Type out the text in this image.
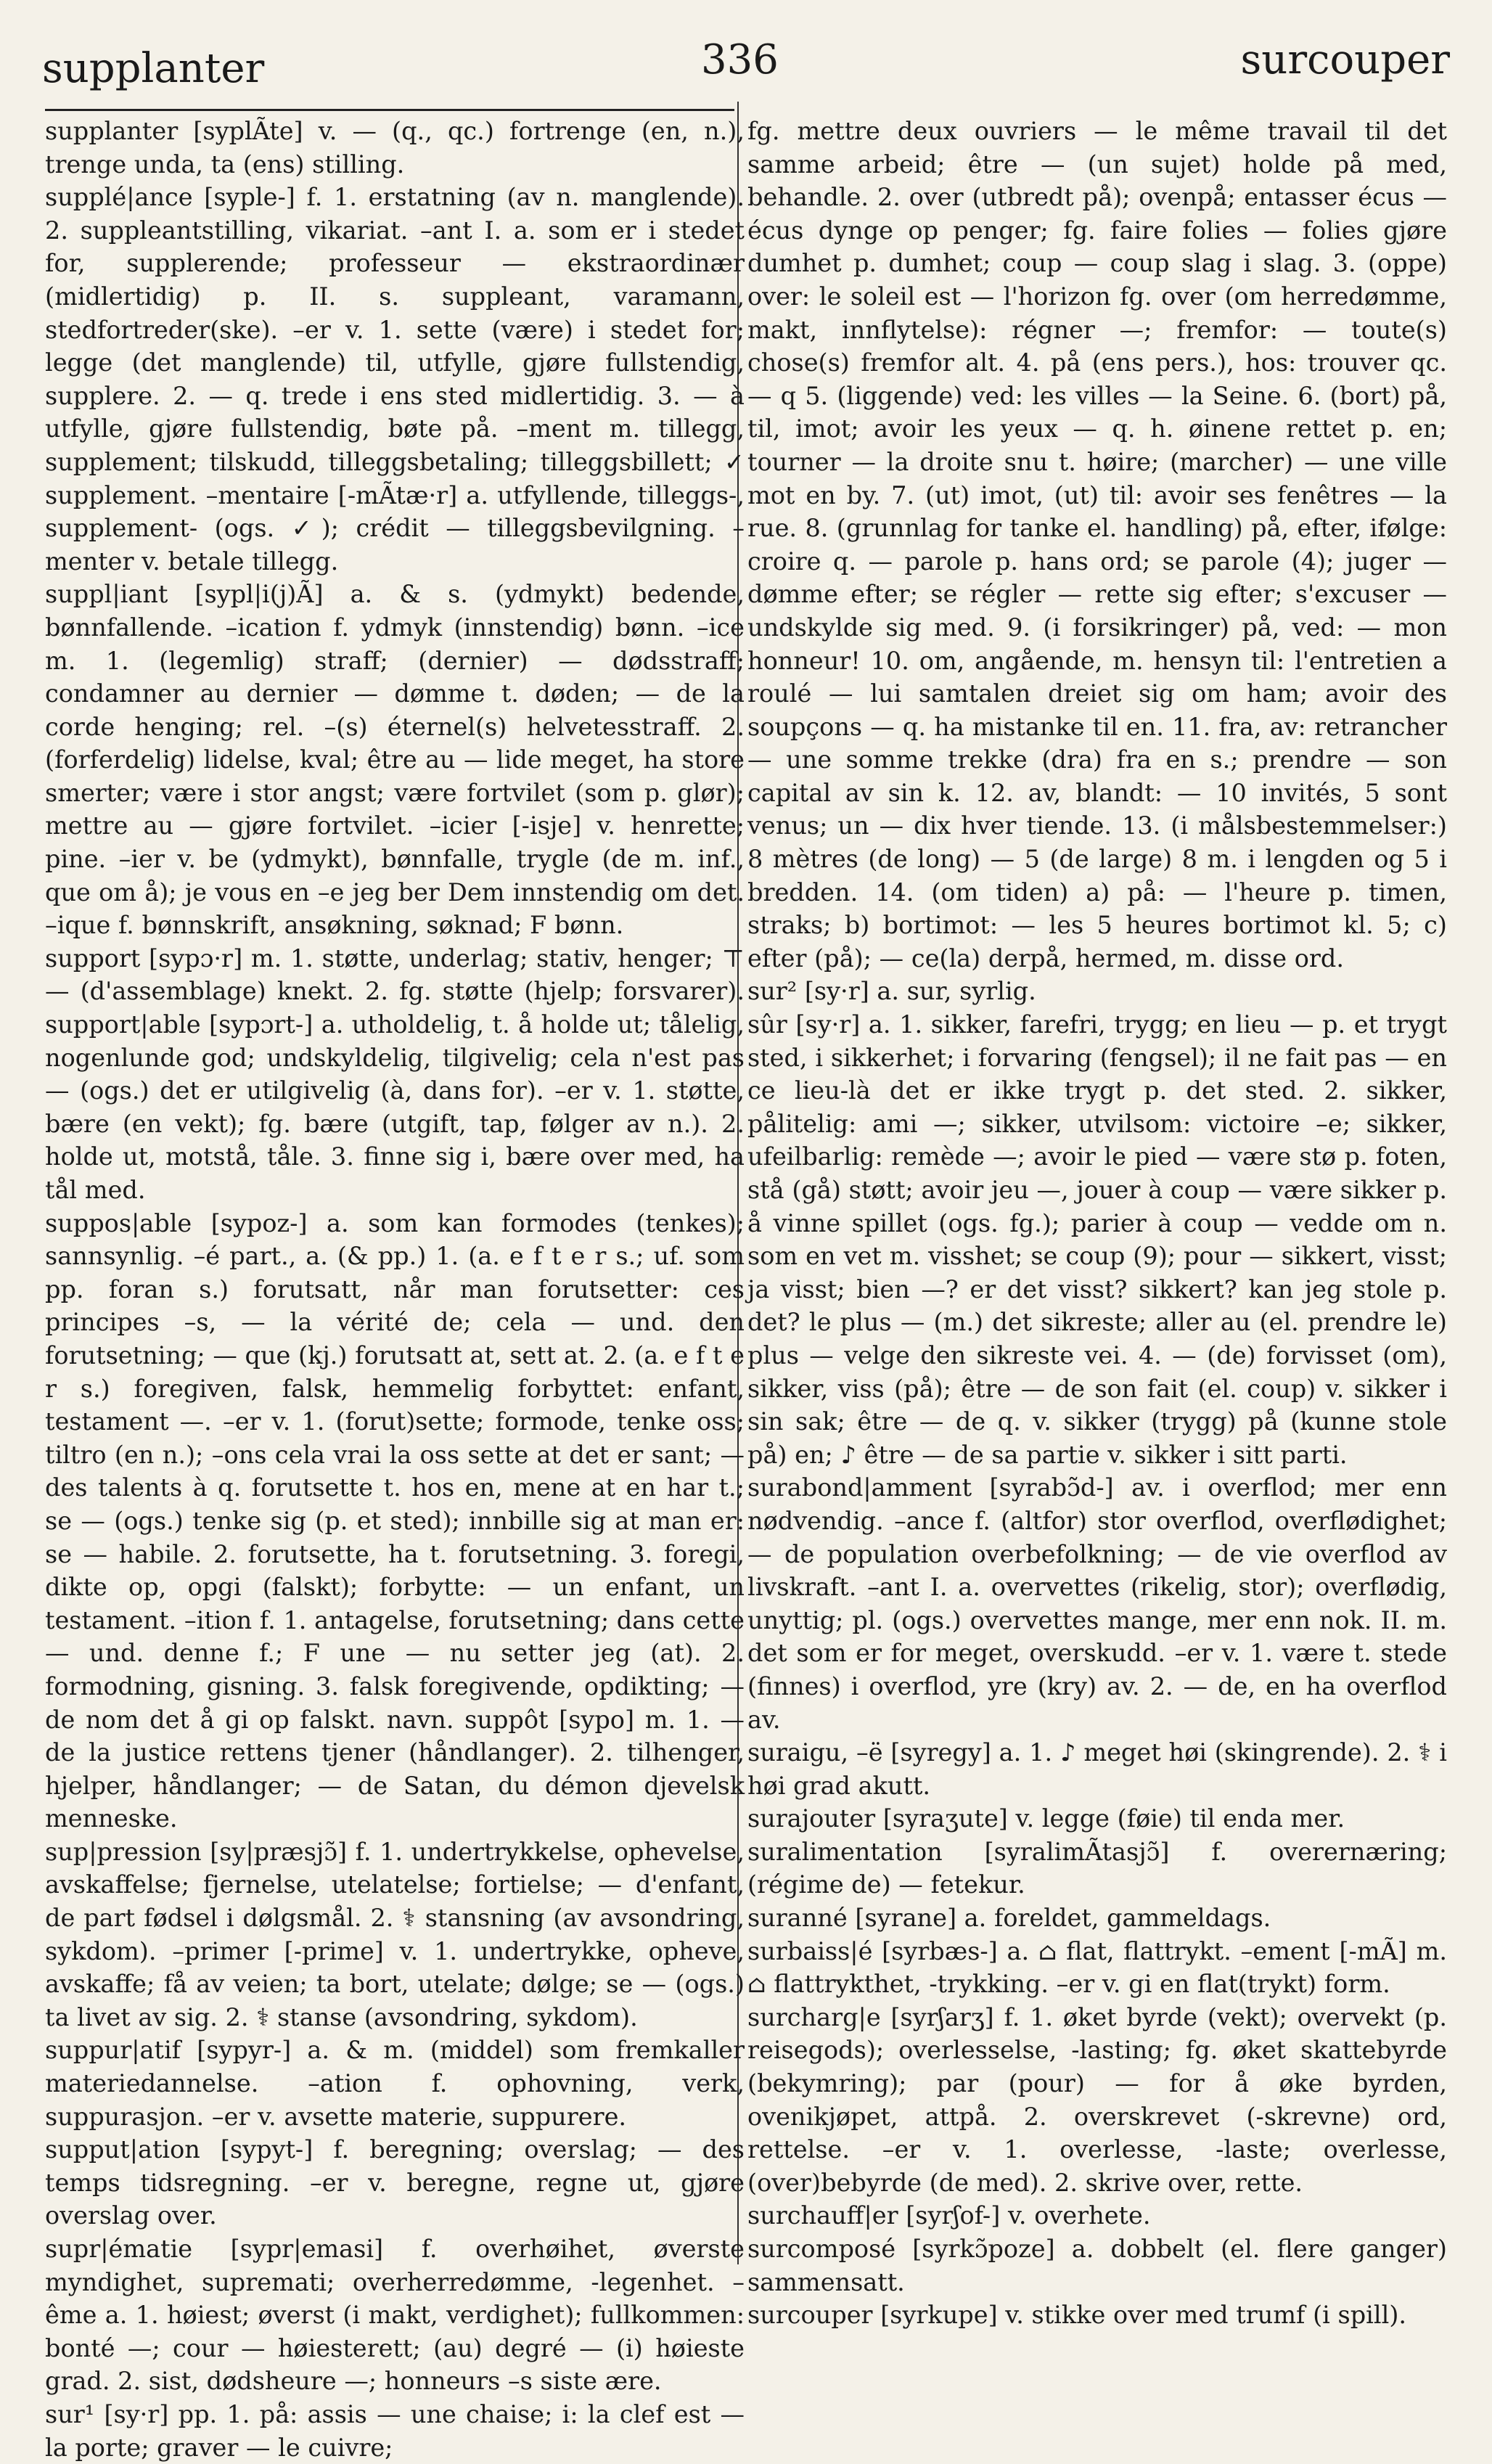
supplanter	336	surcouper

supplanter [syplÃte] v. — (q., qc.) fortrenge (en, n.), trenge unda, ta (ens) stilling.

supplé|ance [syple-] f. 1. erstatning (av n. manglende). 2. suppleantstilling, vikariat. –ant I. a. som er i stedet for, supplerende; professeur — ekstraordinær (midlertidig) p. II. s. suppleant, varamann, stedfortreder(ske). –er v. 1. sette (være) i stedet for; legge (det manglende) til, utfylle, gjøre fullstendig, supplere. 2. — q. trede i ens sted midlertidig. 3. — à utfylle, gjøre fullstendig, bøte på. –ment m. tillegg, supplement; tilskudd, tilleggsbetaling; tilleggsbillett; ✓ supplement. –mentaire [-mÃtæ·r] a. utfyllende, tilleggs-, supplement- (ogs. ✓); crédit — tilleggsbevilgning. –menter v. betale tillegg.

suppl|iant [sypl|i(j)Ã] a. & s. (ydmykt) bedende, bønnfallende. –ication f. ydmyk (innstendig) bønn. –ice m. 1. (legemlig) straff; (dernier) — dødsstraff; condamner au dernier — dømme t. døden; — de la corde henging; rel. –(s) éternel(s) helvetesstraff. 2. (forferdelig) lidelse, kval; être au — lide meget, ha store smerter; være i stor angst; være fortvilet (som p. glør); mettre au — gjøre fortvilet. –icier [-isje] v. henrette; pine. –ier v. be (ydmykt), bønnfalle, trygle (de m. inf., que om å); je vous en –e jeg ber Dem innstendig om det. –ique f. bønnskrift, ansøkning, søknad; F bønn.

support [sypɔ·r] m. 1. støtte, underlag; stativ, henger; ⊤ — (d'assemblage) knekt. 2. fg. støtte (hjelp; forsvarer). support|able [sypɔrt-] a. utholdelig, t. å holde ut; tålelig, nogenlunde god; undskyldelig, tilgivelig; cela n'est pas — (ogs.) det er utilgivelig (à, dans for). –er v. 1. støtte, bære (en vekt); fg. bære (utgift, tap, følger av n.). 2. holde ut, motstå, tåle. 3. finne sig i, bære over med, ha tål med.

suppos|able [sypoz-] a. som kan formodes (tenkes); sannsynlig. –é part., a. (& pp.) 1. (a. e f t e r s.; uf. som pp. foran s.) forutsatt, når man forutsetter: ces principes –s, — la vérité de; cela — und. den forutsetning; — que (kj.) forutsatt at, sett at. 2. (a. e f t e r s.) foregiven, falsk, hemmelig forbyttet: enfant, testament —. –er v. 1. (forut)sette; formode, tenke oss; tiltro (en n.); –ons cela vrai la oss sette at det er sant; — des talents à q. forutsette t. hos en, mene at en har t.; se — (ogs.) tenke sig (p. et sted); innbille sig at man er: se — habile. 2. forutsette, ha t. forutsetning. 3. foregi, dikte op, opgi (falskt); forbytte: — un enfant, un testament. –ition f. 1. antagelse, forutsetning; dans cette — und. denne f.; F une — nu setter jeg (at). 2. formodning, gisning. 3. falsk foregivende, opdikting; — de nom det å gi op falskt. navn. suppôt [sypo] m. 1. — de la justice rettens tjener (håndlanger). 2. tilhenger, hjelper, håndlanger; — de Satan, du démon djevelsk menneske.

sup|pression [sy|præsjɔ̃] f. 1. undertrykkelse, ophevelse, avskaffelse; fjernelse, utelatelse; fortielse; — d'enfant, de part fødsel i dølgsmål. 2. ⚕ stansning (av avsondring, sykdom). –primer [-prime] v. 1. undertrykke, opheve, avskaffe; få av veien; ta bort, utelate; dølge; se — (ogs.) ta livet av sig. 2. ⚕ stanse (avsondring, sykdom).

suppur|atif [sypyr-] a. & m. (middel) som fremkaller materiedannelse. –ation f. ophovning, verk, suppurasjon. –er v. avsette materie, suppurere.

supput|ation [sypyt-] f. beregning; overslag; — des temps tidsregning. –er v. beregne, regne ut, gjøre overslag over.

supr|ématie [sypr|emasi] f. overhøihet, øverste myndighet, supremati; overherredømme, -legenhet. –ême a. 1. høiest; øverst (i makt, verdighet); fullkommen: bonté —; cour — høiesterett; (au) degré — (i) høieste grad. 2. sist, dødsheure —; honneurs –s siste ære.

sur¹ [sy·r] pp. 1. på: assis — une chaise; i: la clef est — la porte; graver — le cuivre;

fg. mettre deux ouvriers — le même travail til det samme arbeid; être — (un sujet) holde på med, behandle. 2. over (utbredt på); ovenpå; entasser écus — écus dynge op penger; fg. faire folies — folies gjøre dumhet p. dumhet; coup — coup slag i slag. 3. (oppe) over: le soleil est — l'horizon fg. over (om herredømme, makt, innflytelse): régner —; fremfor: — toute(s) chose(s) fremfor alt. 4. på (ens pers.), hos: trouver qc. — q 5. (liggende) ved: les villes — la Seine. 6. (bort) på, til, imot; avoir les yeux — q. h. øinene rettet p. en; tourner — la droite snu t. høire; (marcher) — une ville mot en by. 7. (ut) imot, (ut) til: avoir ses fenêtres — la rue. 8. (grunnlag for tanke el. handling) på, efter, ifølge: croire q. — parole p. hans ord; se parole (4); juger — dømme efter; se régler — rette sig efter; s'excuser — undskylde sig med. 9. (i forsikringer) på, ved: — mon honneur! 10. om, angående, m. hensyn til: l'entretien a roulé — lui samtalen dreiet sig om ham; avoir des soupçons — q. ha mistanke til en. 11. fra, av: retrancher — une somme trekke (dra) fra en s.; prendre — son capital av sin k. 12. av, blandt: — 10 invités, 5 sont venus; un — dix hver tiende. 13. (i målsbestemmelser:) 8 mètres (de long) — 5 (de large) 8 m. i lengden og 5 i bredden. 14. (om tiden) a) på: — l'heure p. timen, straks; b) bortimot: — les 5 heures bortimot kl. 5; c) efter (på); — ce(la) derpå, hermed, m. disse ord.

sur² [sy·r] a. sur, syrlig.

sûr [sy·r] a. 1. sikker, farefri, trygg; en lieu — p. et trygt sted, i sikkerhet; i forvaring (fengsel); il ne fait pas — en ce lieu-là det er ikke trygt p. det sted. 2. sikker, pålitelig: ami —; sikker, utvilsom: victoire –e; sikker, ufeilbarlig: remède —; avoir le pied — være stø p. foten, stå (gå) støtt; avoir jeu —, jouer à coup — være sikker p. å vinne spillet (ogs. fg.); parier à coup — vedde om n. som en vet m. visshet; se coup (9); pour — sikkert, visst; ja visst; bien —? er det visst? sikkert? kan jeg stole p. det? le plus — (m.) det sikreste; aller au (el. prendre le) plus — velge den sikreste vei. 4. — (de) forvisset (om), sikker, viss (på); être — de son fait (el. coup) v. sikker i sin sak; être — de q. v. sikker (trygg) på (kunne stole på) en; ♪ être — de sa partie v. sikker i sitt parti.

surabond|amment [syrabɔ̃d-] av. i overflod; mer enn nødvendig. –ance f. (altfor) stor overflod, overflødighet; — de population overbefolkning; — de vie overflod av livskraft. –ant I. a. overvettes (rikelig, stor); overflødig, unyttig; pl. (ogs.) overvettes mange, mer enn nok. II. m. det som er for meget, overskudd. –er v. 1. være t. stede (finnes) i overflod, yre (kry) av. 2. — de, en ha overflod av.

suraigu, –ë [syregy] a. 1. ♪ meget høi (skingrende). 2. ⚕ i høi grad akutt.

surajouter [syraʒute] v. legge (føie) til enda mer.

suralimentation [syralimÃtasjɔ̃] f. overernæring; (régime de) — fetekur.

suranné [syrane] a. foreldet, gammeldags.

surbaiss|é [syrbæs-] a. ⌂ flat, flattrykt. –ement [-mÃ] m. ⌂ flattrykthet, -trykking. –er v. gi en flat(trykt) form.

surcharg|e [syrʃarʒ] f. 1. øket byrde (vekt); overvekt (p. reisegods); overlesselse, -lasting; fg. øket skattebyrde (bekymring); par (pour) — for å øke byrden, ovenikjøpet, attpå. 2. overskrevet (-skrevne) ord, rettelse. –er v. 1. overlesse, -laste; overlesse, (over)bebyrde (de med). 2. skrive over, rette.

surchauff|er [syrʃof-] v. overhete.

surcomposé [syrkɔ̃poze] a. dobbelt (el. flere ganger) sammensatt.

surcouper [syrkupe] v. stikke over med trumf (i spill).
